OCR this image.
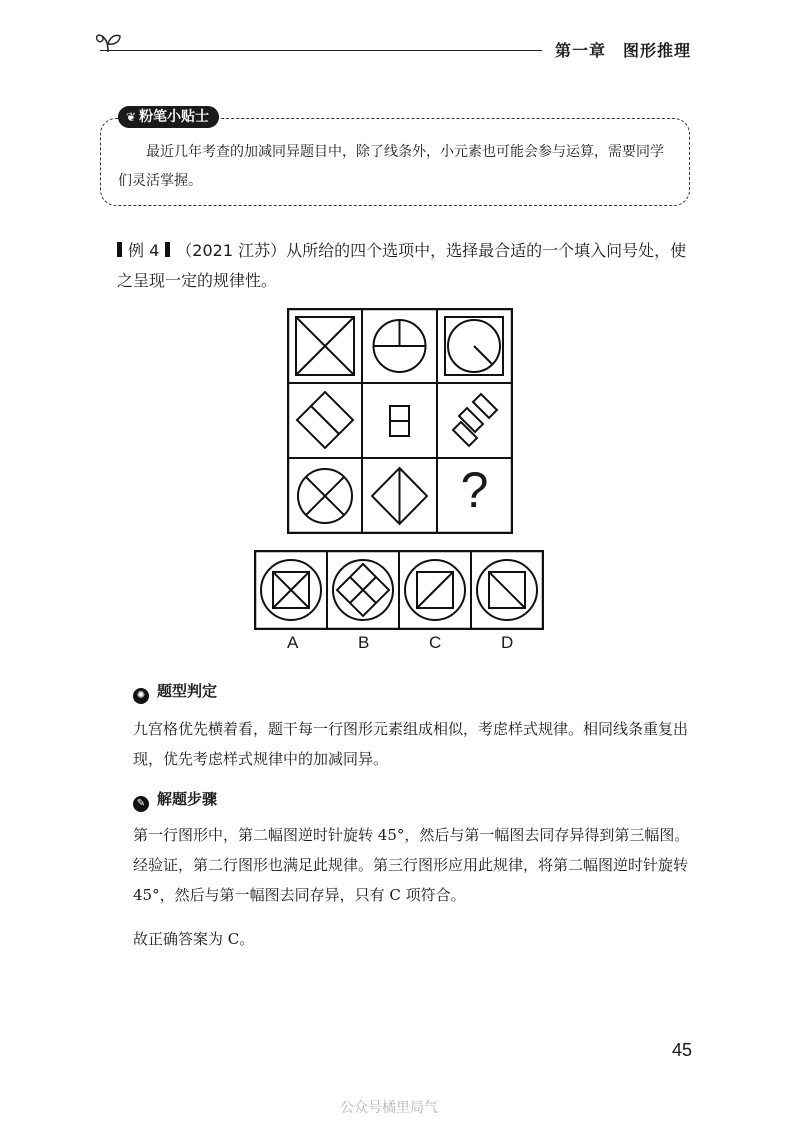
第一章　图形推理
❦ 粉笔小贴士
最近几年考查的加减同异题目中，除了线条外，小元素也可能会参与运算，需要同学们灵活掌握。
例 4 （2021 江苏）从所给的四个选项中，选择最合适的一个填入问号处，使之呈现一定的规律性。
?
A	B	C	D
✺ 题型判定
九宫格优先横着看，题干每一行图形元素组成相似，考虑样式规律。相同线条重复出现，优先考虑样式规律中的加减同异。
✎ 解题步骤
第一行图形中，第二幅图逆时针旋转 45°，然后与第一幅图去同存异得到第三幅图。经验证，第二行图形也满足此规律。第三行图形应用此规律，将第二幅图逆时针旋转 45°，然后与第一幅图去同存异，只有 C 项符合。
故正确答案为 C。
45
公众号橘里局气
